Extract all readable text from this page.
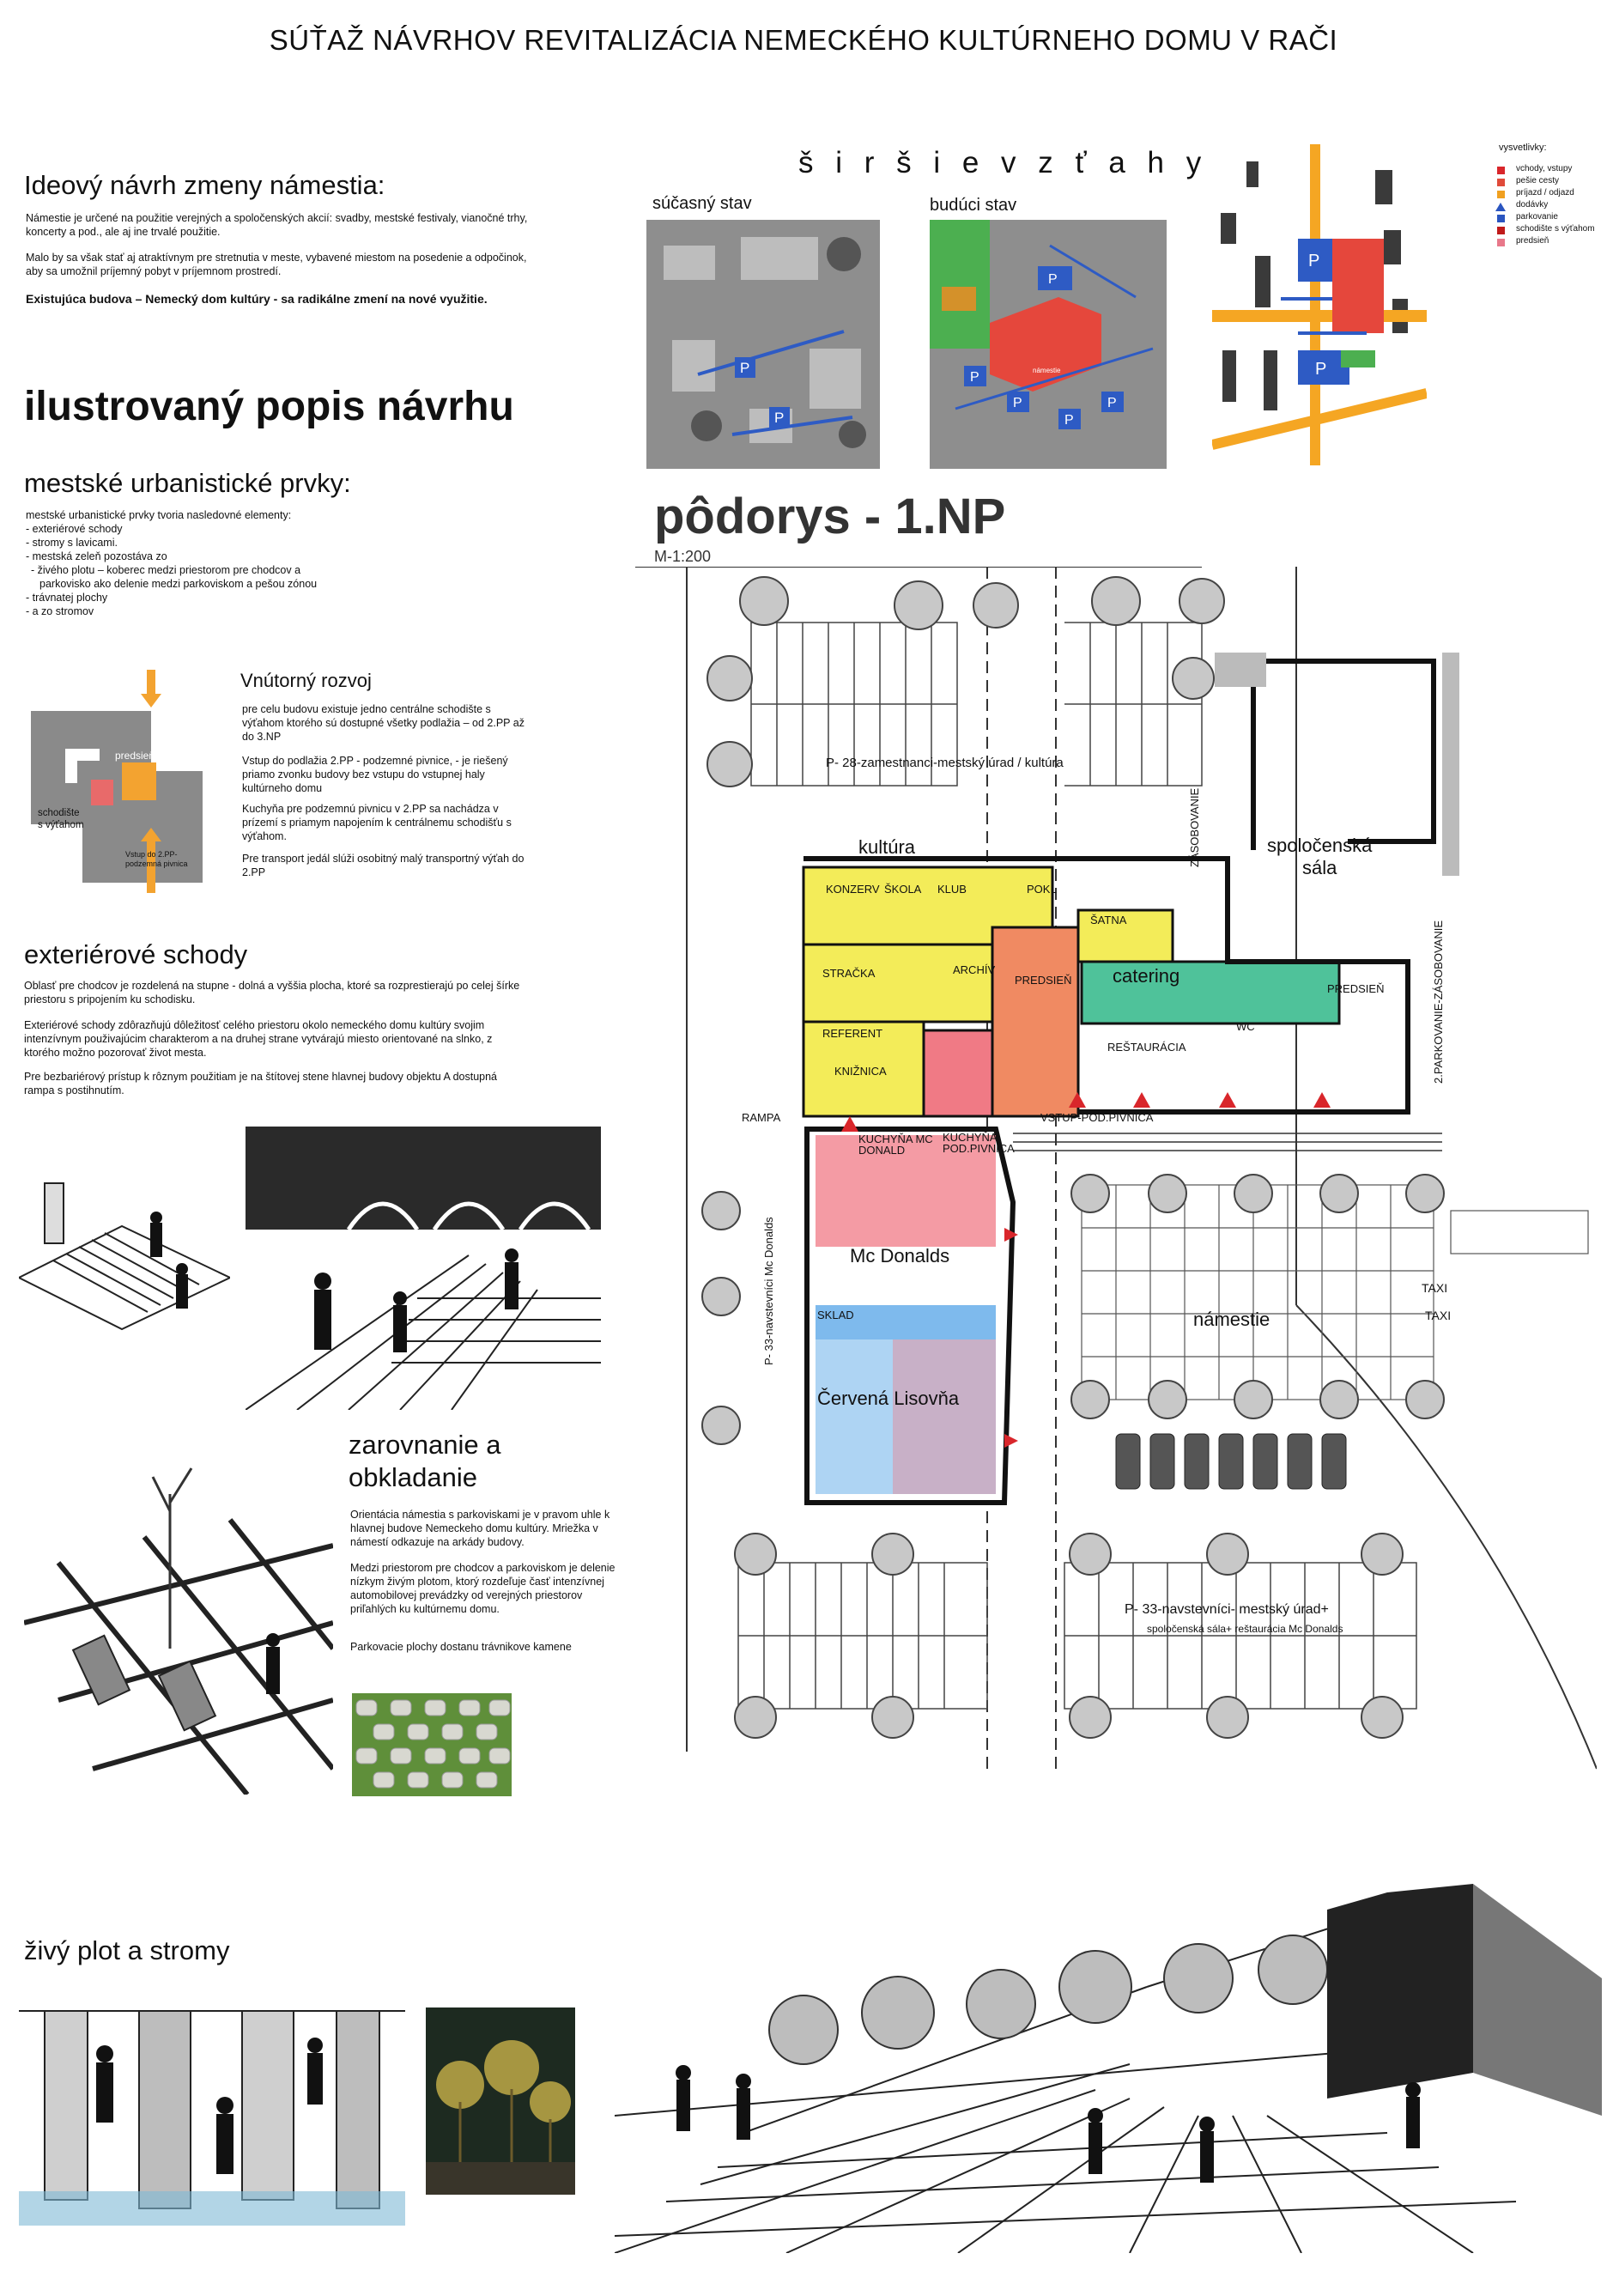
SÚŤAŽ NÁVRHOV REVITALIZÁCIA NEMECKÉHO KULTÚRNEHO DOMU V RAČI
Ideový návrh zmeny námestia:
Námestie je určené na použitie verejných a spoločenských akcií: svadby, mestské festivaly, vianočné trhy, koncerty a pod., ale aj ine trvalé použitie.
Malo by sa však stať aj atraktívnym pre stretnutia v meste, vybavené miestom na posedenie a odpočinok, aby sa umožnil príjemný pobyt v príjemnom prostredí.
Existujúca budova – Nemecký dom kultúry - sa radikálne zmení na nové využitie.
ilustrovaný popis návrhu
mestské urbanistické prvky:
mestské urbanistické prvky tvoria nasledovné elementy:
- exteriérové schody
- stromy s lavicami.
- mestská zeleň pozostáva zo
- živého plotu – koberec medzi priestorom pre chodcov a
parkovisko ako delenie medzi parkoviskom a pešou zónou
- trávnatej plochy
- a zo stromov
predsieň
schodište
s výťahom
Vstup do 2.PP-
podzemná pivnica
Vnútorný rozvoj
pre celu budovu existuje jedno centrálne schodište s výťahom ktorého sú dostupné všetky podlažia – od 2.PP až do 3.NP
Vstup do podlažia 2.PP - podzemné pivnice, - je riešený priamo zvonku budovy bez vstupu do vstupnej haly kultúrneho domu
Kuchyňa pre podzemnú pivnicu v 2.PP sa nachádza v prízemí s priamym napojením k centrálnemu schodišťu s výťahom.
Pre transport jedál slúži osobitný malý transportný výťah do 2.PP
exteriérové schody
Oblasť pre chodcov je rozdelená na stupne - dolná a vyššia plocha, ktoré sa rozprestierajú po celej šírke priestoru s pripojením ku schodisku.
Exteriérové schody zdôrazňujú dôležitosť celého priestoru okolo nemeckého domu kultúry svojim intenzívnym použivajúcim charakterom a na druhej strane vytvárajú miesto orientované na slnko, z ktorého možno pozorovať život mesta.
Pre bezbariérový prístup k rôznym použitiam je na štítovej stene hlavnej budovy objektu A dostupná rampa s postihnutím.
zarovnanie a
obkladanie
Orientácia námestia s parkoviskami je v pravom uhle k hlavnej budove Nemeckeho domu kultúry. Mriežka v námestí odkazuje na arkády budovy.
Medzi priestorom pre chodcov a parkoviskom je delenie nízkym živým plotom, ktorý rozdeľuje časť intenzívnej automobilovej prevádzky od verejných priestorov priľahlých ku kultúrnemu domu.
Parkovacie plochy dostanu trávnikove kamene
živý plot a stromy
š i r š i e v z ť a h y
súčasný stav	budúci stav
P
P
P
P
P
P
P
námestie
P
P
vysvetlivky:
vchody, vstupy
pešie cesty
príjazd / odjazd
dodávky
parkovanie
schodište s výťahom
predsieň
pôdorys - 1.NP
M-1:200
P- 28-zamestnanci-mestský úrad / kultúra
kultúra	spoločenská
sála
catering
Mc Donalds
Červená Lisovňa
námestie
TAXI
TAXI
P- 33-navstevníci- mestský úrad+
spoločenská sála+ reštaurácia Mc Donalds
P- 33-navstevníci Mc Donalds
KONZERV ŠKOLA KLUB	POKL
ŠATNA
STRAČKA	ARCHÍV
PREDSIEŇ
REFERENT
KNIŽNICA
REŠTAURÁCIA
WC
KUCHYŇA MC DONALD
KUCHYŇA POD.PIVNICA
SKLAD
VSTUP-POD.PIVNICA
PREDSIEŇ
ZÁSOBOVANIE
2.PARKOVANIE-ZÁSOBOVANIE
RAMPA
